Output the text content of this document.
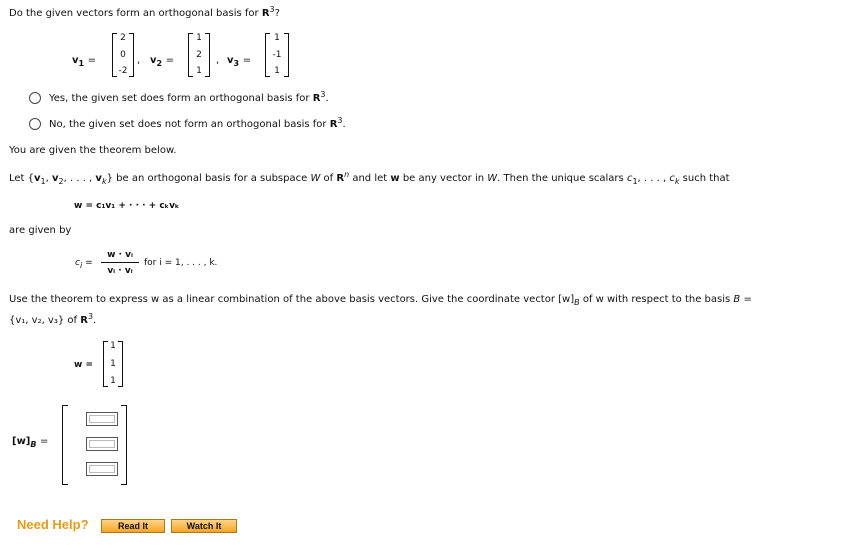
Do the given vectors form an orthogonal basis for $R^3$?
$v_1$ =
2
0
-2
, $v_2$ =
1
2
1
, $v_3$ =
1
-1
1
Yes, the given set does form an orthogonal basis for $R^3$.
No, the given set does not form an orthogonal basis for $R^3$.
You are given the theorem below.
Let {$v_1$, $v_2$, . . . , $v_k$} be an orthogonal basis for a subspace W of $R^n$ and let w be any vector in W. Then the unique scalars $c_1$, . . . , $c_k$ such that
w = c₁v₁ + · · · + cₖvₖ
are given by
ci =
w · vᵢ
vᵢ · vᵢ
for i = 1, . . . , k.
Use the theorem to express w as a linear combination of the above basis vectors. Give the coordinate vector $[w]_B$ of w with respect to the basis B =
{v₁, v₂, v₃} of $R^3$.
w =
1
1
1
$[w]_B$ =
Need Help?	Read It	Watch It
